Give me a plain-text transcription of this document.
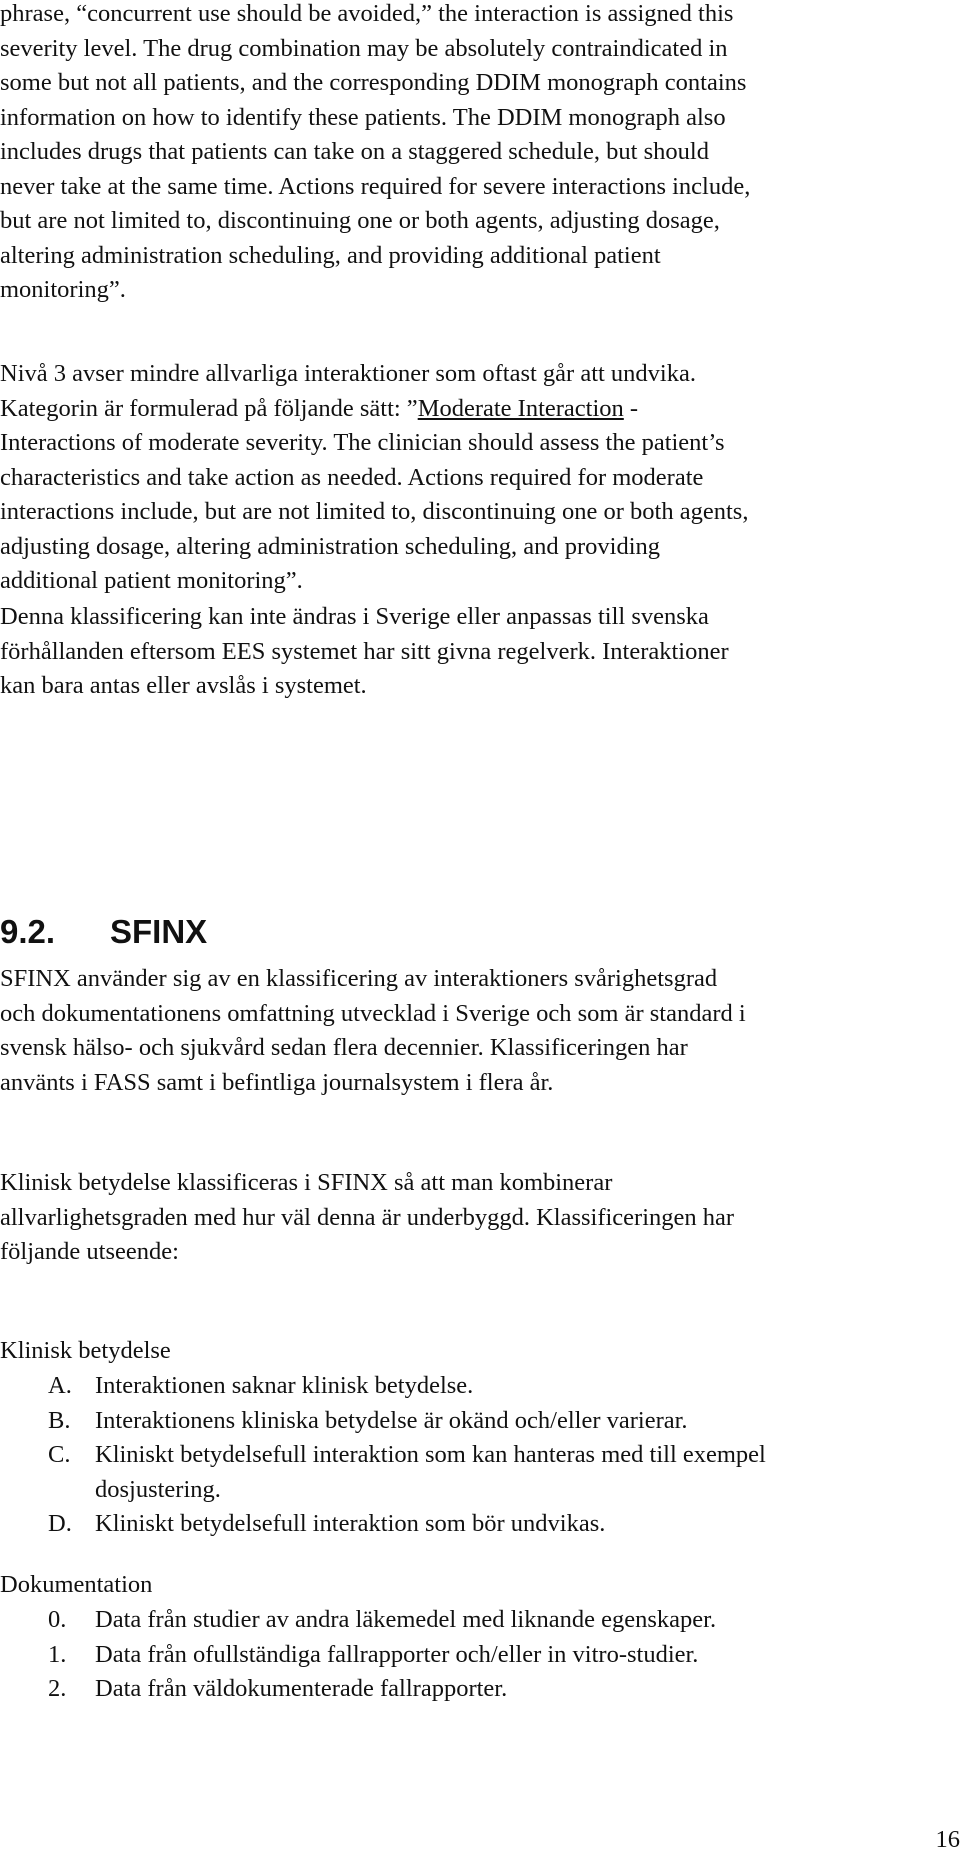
phrase, “concurrent use should be avoided,” the interaction is assigned this
severity level. The drug combination may be absolutely contraindicated in
some but not all patients, and the corresponding DDIM monograph contains
information on how to identify these patients. The DDIM monograph also
includes drugs that patients can take on a staggered schedule, but should
never take at the same time. Actions required for severe interactions include,
but are not limited to, discontinuing one or both agents, adjusting dosage,
altering administration scheduling, and providing additional patient
monitoring”.
Nivå 3 avser mindre allvarliga interaktioner som oftast går att undvika.
Kategorin är formulerad på följande sätt: ”Moderate Interaction -
Interactions of moderate severity. The clinician should assess the patient’s
characteristics and take action as needed. Actions required for moderate
interactions include, but are not limited to, discontinuing one or both agents,
adjusting dosage, altering administration scheduling, and providing
additional patient monitoring”.
Denna klassificering kan inte ändras i Sverige eller anpassas till svenska
förhållanden eftersom EES systemet har sitt givna regelverk. Interaktioner
kan bara antas eller avslås i systemet.
9.2. SFINX
SFINX använder sig av en klassificering av interaktioners svårighetsgrad
och dokumentationens omfattning utvecklad i Sverige och som är standard i
svensk hälso- och sjukvård sedan flera decennier. Klassificeringen har
använts i FASS samt i befintliga journalsystem i flera år.
Klinisk betydelse klassificeras i SFINX så att man kombinerar
allvarlighetsgraden med hur väl denna är underbyggd. Klassificeringen har
följande utseende:
Klinisk betydelse
A. Interaktionen saknar klinisk betydelse.
B. Interaktionens kliniska betydelse är okänd och/eller varierar.
C. Kliniskt betydelsefull interaktion som kan hanteras med till exempel
dosjustering.
D. Kliniskt betydelsefull interaktion som bör undvikas.
Dokumentation
0. Data från studier av andra läkemedel med liknande egenskaper.
1. Data från ofullständiga fallrapporter och/eller in vitro-studier.
2. Data från väldokumenterade fallrapporter.
16
